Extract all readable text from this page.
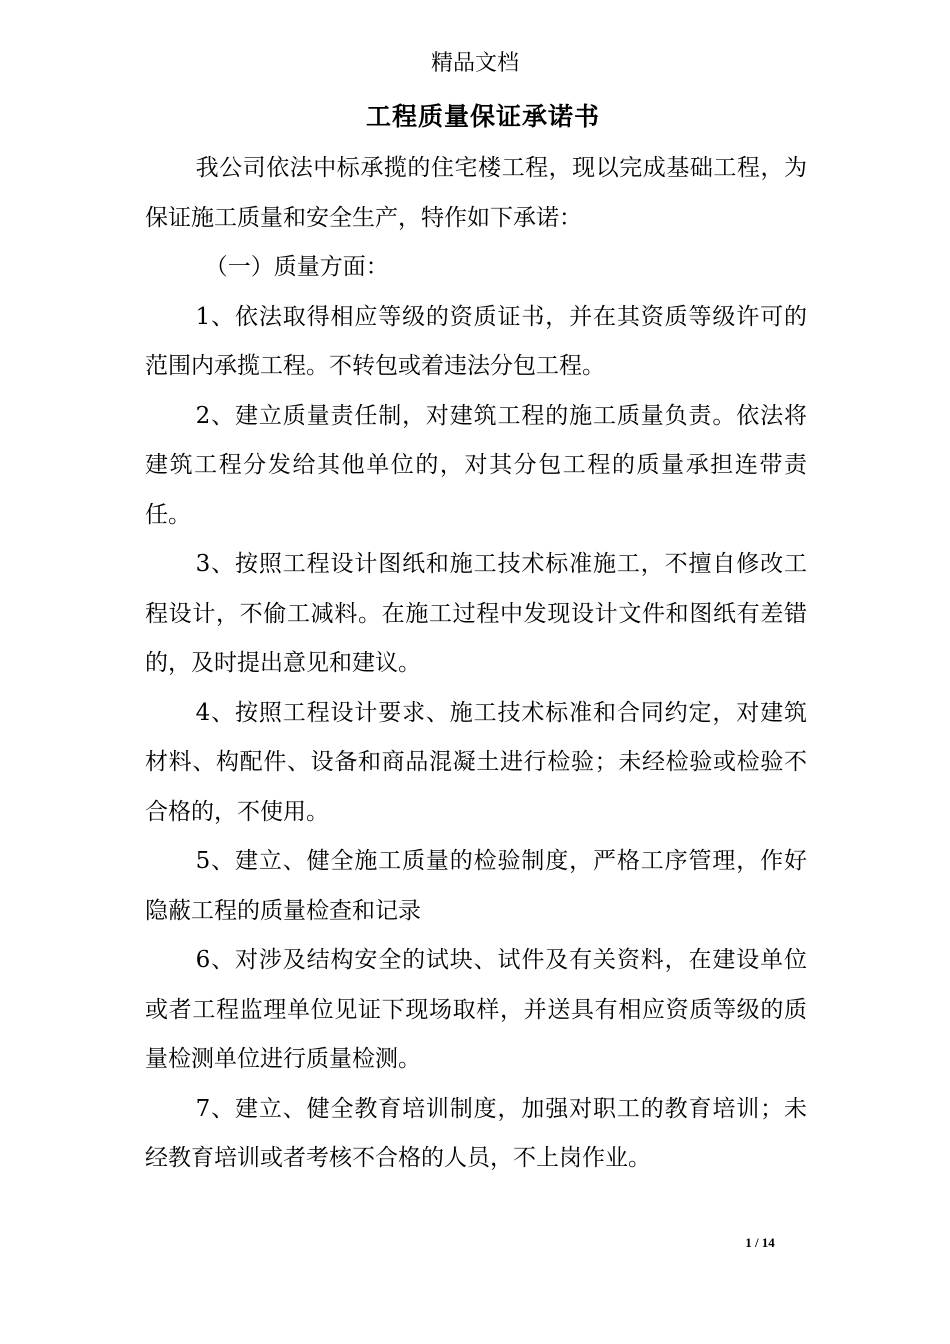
精品文档
工程质量保证承诺书

我公司依法中标承揽的住宅楼工程，现以完成基础工程，为保证施工质量和安全生产，特作如下承诺：

（一）质量方面：

1、依法取得相应等级的资质证书，并在其资质等级许可的范围内承揽工程。不转包或着违法分包工程。

2、建立质量责任制，对建筑工程的施工质量负责。依法将建筑工程分发给其他单位的，对其分包工程的质量承担连带责任。

3、按照工程设计图纸和施工技术标准施工，不擅自修改工程设计，不偷工减料。在施工过程中发现设计文件和图纸有差错的，及时提出意见和建议。

4、按照工程设计要求、施工技术标准和合同约定，对建筑材料、构配件、设备和商品混凝土进行检验；未经检验或检验不合格的，不使用。

5、建立、健全施工质量的检验制度，严格工序管理，作好隐蔽工程的质量检查和记录

6、对涉及结构安全的试块、试件及有关资料，在建设单位或者工程监理单位见证下现场取样，并送具有相应资质等级的质量检测单位进行质量检测。

7、建立、健全教育培训制度，加强对职工的教育培训；未经教育培训或者考核不合格的人员，不上岗作业。

1 / 14
